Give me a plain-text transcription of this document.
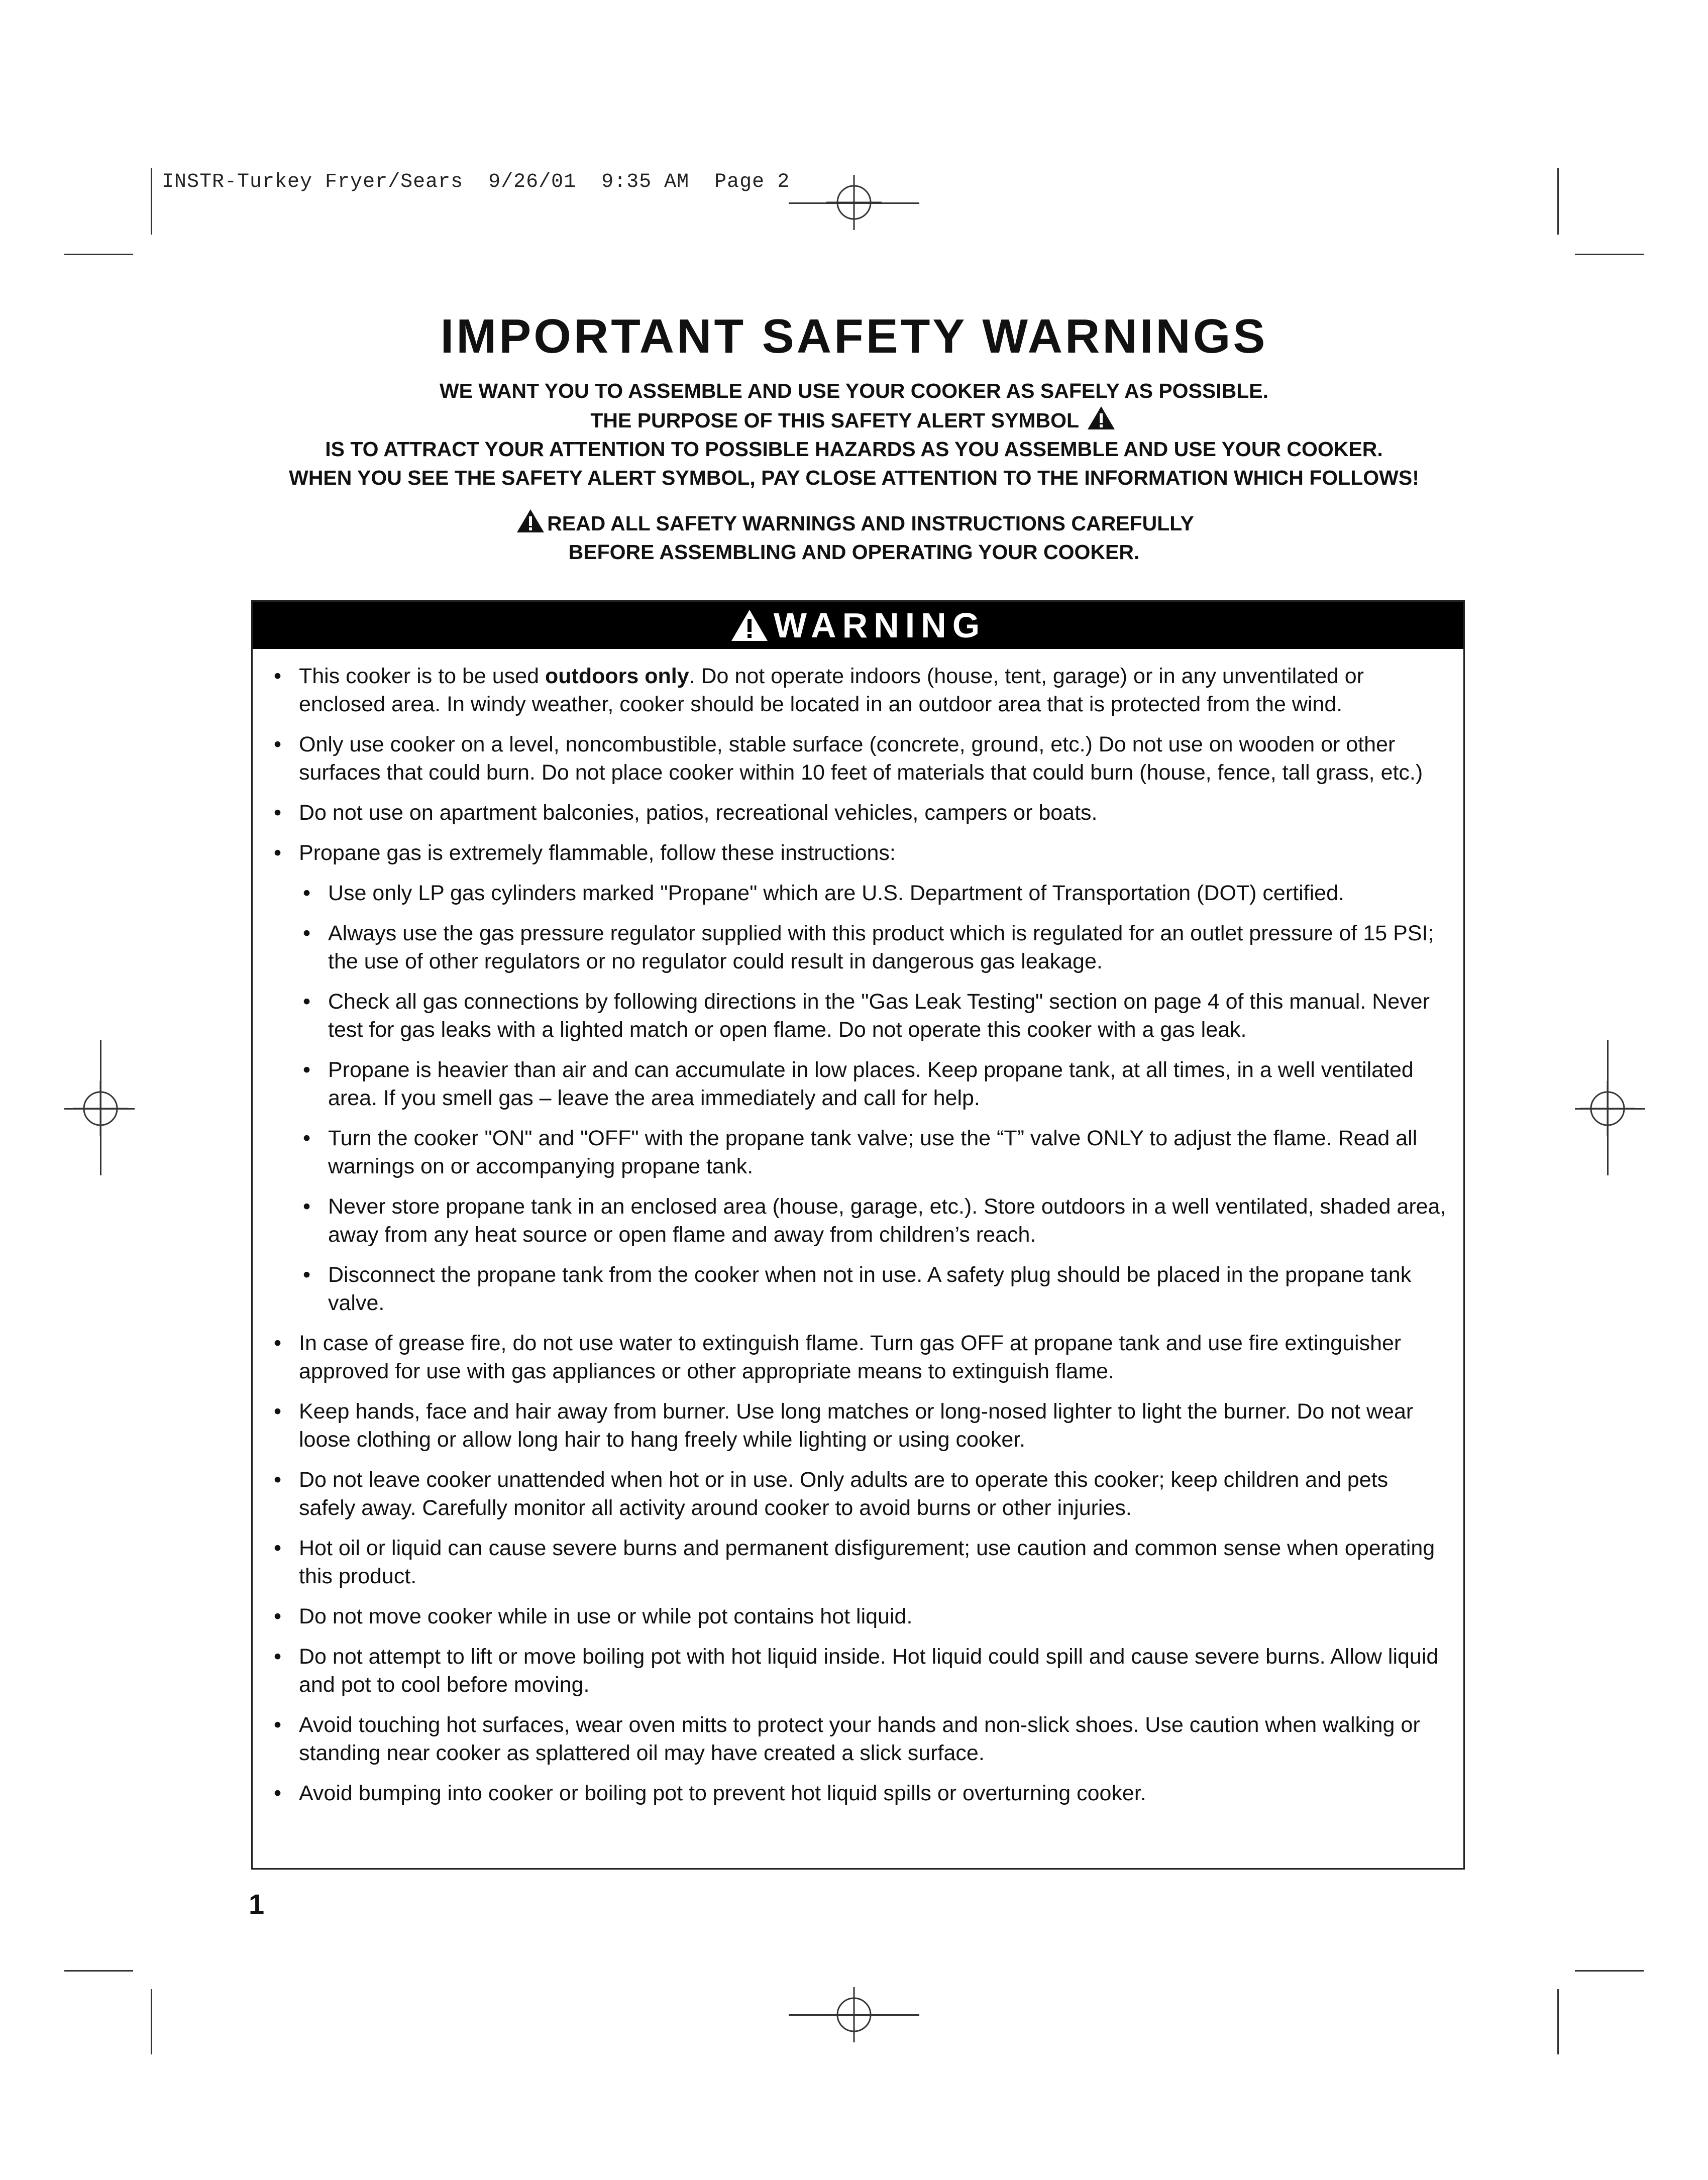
INSTR-Turkey Fryer/Sears  9/26/01  9:35 AM  Page 2
IMPORTANT SAFETY WARNINGS
WE WANT YOU TO ASSEMBLE AND USE YOUR COOKER AS SAFELY AS POSSIBLE.
THE PURPOSE OF THIS SAFETY ALERT SYMBOL
IS TO ATTRACT YOUR ATTENTION TO POSSIBLE HAZARDS AS YOU ASSEMBLE AND USE YOUR COOKER.
WHEN YOU SEE THE SAFETY ALERT SYMBOL, PAY CLOSE ATTENTION TO THE INFORMATION WHICH FOLLOWS!
READ ALL SAFETY WARNINGS AND INSTRUCTIONS CAREFULLY
BEFORE ASSEMBLING AND OPERATING YOUR COOKER.
WARNING
• This cooker is to be used outdoors only. Do not operate indoors (house, tent, garage) or in any unventilated or enclosed area. In windy weather, cooker should be located in an outdoor area that is protected from the wind.
• Only use cooker on a level, noncombustible, stable surface (concrete, ground, etc.) Do not use on wooden or other surfaces that could burn. Do not place cooker within 10 feet of materials that could burn (house, fence, tall grass, etc.)
• Do not use on apartment balconies, patios, recreational vehicles, campers or boats.
• Propane gas is extremely flammable, follow these instructions:
• Use only LP gas cylinders marked "Propane" which are U.S. Department of Transportation (DOT) certified.
• Always use the gas pressure regulator supplied with this product which is regulated for an outlet pressure of 15 PSI; the use of other regulators or no regulator could result in dangerous gas leakage.
• Check all gas connections by following directions in the "Gas Leak Testing" section on page 4 of this manual. Never test for gas leaks with a lighted match or open flame. Do not operate this cooker with a gas leak.
• Propane is heavier than air and can accumulate in low places. Keep propane tank, at all times, in a well ventilated area. If you smell gas – leave the area immediately and call for help.
• Turn the cooker "ON" and "OFF" with the propane tank valve; use the “T” valve ONLY to adjust the flame. Read all warnings on or accompanying propane tank.
• Never store propane tank in an enclosed area (house, garage, etc.). Store outdoors in a well ventilated, shaded area, away from any heat source or open flame and away from children’s reach.
• Disconnect the propane tank from the cooker when not in use. A safety plug should be placed in the propane tank valve.
• In case of grease fire, do not use water to extinguish flame. Turn gas OFF at propane tank and use fire extinguisher approved for use with gas appliances or other appropriate means to extinguish flame.
• Keep hands, face and hair away from burner. Use long matches or long-nosed lighter to light the burner. Do not wear loose clothing or allow long hair to hang freely while lighting or using cooker.
• Do not leave cooker unattended when hot or in use. Only adults are to operate this cooker; keep children and pets safely away. Carefully monitor all activity around cooker to avoid burns or other injuries.
• Hot oil or liquid can cause severe burns and permanent disfigurement; use caution and common sense when operating this product.
• Do not move cooker while in use or while pot contains hot liquid.
• Do not attempt to lift or move boiling pot with hot liquid inside. Hot liquid could spill and cause severe burns. Allow liquid and pot to cool before moving.
• Avoid touching hot surfaces, wear oven mitts to protect your hands and non-slick shoes. Use caution when walking or standing near cooker as splattered oil may have created a slick surface.
• Avoid bumping into cooker or boiling pot to prevent hot liquid spills or overturning cooker.
1
